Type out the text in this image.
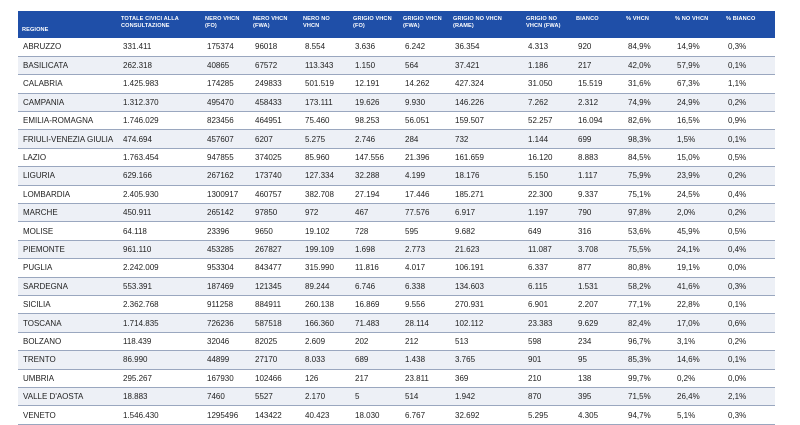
REGIONE	TOTALE CIVICI ALLA CONSULTAZIONE	NERO VHCN (FO)	NERO VHCN (FWA)	NERO NO VHCN	GRIGIO VHCN (FO)	GRIGIO VHCN (FWA)	GRIGIO NO VHCN (RAME)	GRIGIO NO VHCN (FWA)	BIANCO	% VHCN	% NO VHCN	% BIANCO
ABRUZZO	331.411	175374	96018	8.554	3.636	6.242	36.354	4.313	920	84,9%	14,9%	0,3%
BASILICATA	262.318	40865	67572	113.343	1.150	564	37.421	1.186	217	42,0%	57,9%	0,1%
CALABRIA	1.425.983	174285	249833	501.519	12.191	14.262	427.324	31.050	15.519	31,6%	67,3%	1,1%
CAMPANIA	1.312.370	495470	458433	173.111	19.626	9.930	146.226	7.262	2.312	74,9%	24,9%	0,2%
EMILIA-ROMAGNA	1.746.029	823456	464951	75.460	98.253	56.051	159.507	52.257	16.094	82,6%	16,5%	0,9%
FRIULI-VENEZIA GIULIA	474.694	457607	6207	5.275	2.746	284	732	1.144	699	98,3%	1,5%	0,1%
LAZIO	1.763.454	947855	374025	85.960	147.556	21.396	161.659	16.120	8.883	84,5%	15,0%	0,5%
LIGURIA	629.166	267162	173740	127.334	32.288	4.199	18.176	5.150	1.117	75,9%	23,9%	0,2%
LOMBARDIA	2.405.930	1300917	460757	382.708	27.194	17.446	185.271	22.300	9.337	75,1%	24,5%	0,4%
MARCHE	450.911	265142	97850	972	467	77.576	6.917	1.197	790	97,8%	2,0%	0,2%
MOLISE	64.118	23396	9650	19.102	728	595	9.682	649	316	53,6%	45,9%	0,5%
PIEMONTE	961.110	453285	267827	199.109	1.698	2.773	21.623	11.087	3.708	75,5%	24,1%	0,4%
PUGLIA	2.242.009	953304	843477	315.990	11.816	4.017	106.191	6.337	877	80,8%	19,1%	0,0%
SARDEGNA	553.391	187469	121345	89.244	6.746	6.338	134.603	6.115	1.531	58,2%	41,6%	0,3%
SICILIA	2.362.768	911258	884911	260.138	16.869	9.556	270.931	6.901	2.207	77,1%	22,8%	0,1%
TOSCANA	1.714.835	726236	587518	166.360	71.483	28.114	102.112	23.383	9.629	82,4%	17,0%	0,6%
BOLZANO	118.439	32046	82025	2.609	202	212	513	598	234	96,7%	3,1%	0,2%
TRENTO	86.990	44899	27170	8.033	689	1.438	3.765	901	95	85,3%	14,6%	0,1%
UMBRIA	295.267	167930	102466	126	217	23.811	369	210	138	99,7%	0,2%	0,0%
VALLE D'AOSTA	18.883	7460	5527	2.170	5	514	1.942	870	395	71,5%	26,4%	2,1%
VENETO	1.546.430	1295496	143422	40.423	18.030	6.767	32.692	5.295	4.305	94,7%	5,1%	0,3%
